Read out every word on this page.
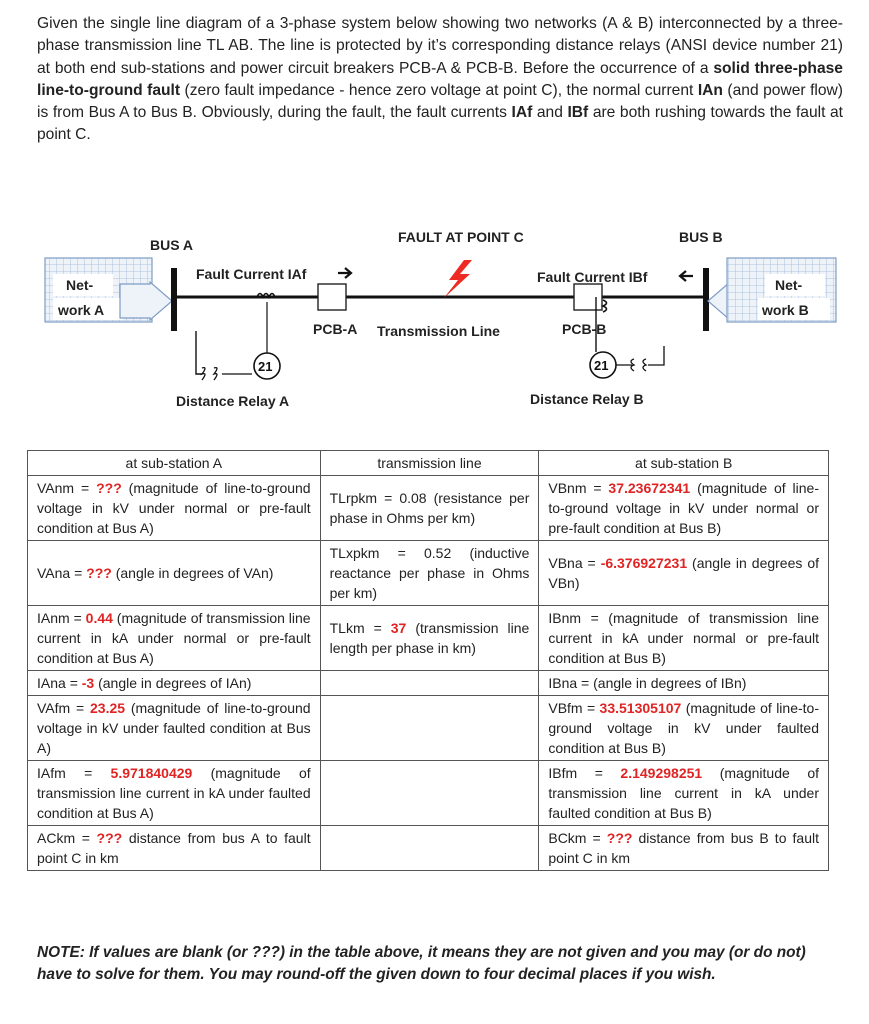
Given the single line diagram of a 3-phase system below showing two networks (A & B) interconnected by a three-phase transmission line TL AB. The line is protected by it’s corresponding distance relays (ANSI device number 21) at both end sub-stations and power circuit breakers PCB-A & PCB-B. Before the occurrence of a solid three-phase line-to-ground fault (zero fault impedance - hence zero voltage at point C), the normal current IAn (and power flow) is from Bus A to Bus B. Obviously, during the fault, the fault currents IAf and IBf are both rushing towards the fault at point C.
Net-
work A
BUS A	BUS B
Net-
work B
PCB-A	PCB-B
Transmission Line
FAULT AT POINT C
Fault Current IAf	Fault Current IBf
21
Distance Relay A
21
Distance Relay B
at sub-station A	transmission line	at sub-station B
VAnm = ??? (magnitude of line-to-ground voltage in kV under normal or pre-fault condition at Bus A)	TLrpkm = 0.08 (resistance per phase in Ohms per km)	VBnm = 37.23672341 (magnitude of line-to-ground voltage in kV under normal or pre-fault condition at Bus B)
VAna = ??? (angle in degrees of VAn)	TLxpkm = 0.52 (inductive reactance per phase in Ohms per km)	VBna = -6.376927231 (angle in degrees of VBn)
IAnm = 0.44 (magnitude of transmission line current in kA under normal or pre-fault condition at Bus A)	TLkm = 37 (transmission line length per phase in km)	IBnm = (magnitude of transmission line current in kA under normal or pre-fault condition at Bus B)
IAna = -3 (angle in degrees of IAn)		IBna = (angle in degrees of IBn)
VAfm = 23.25 (magnitude of line-to-ground voltage in kV under faulted condition at Bus A)		VBfm = 33.51305107 (magnitude of line-to-ground voltage in kV under faulted condition at Bus B)
IAfm = 5.971840429 (magnitude of transmission line current in kA under faulted condition at Bus A)		IBfm = 2.149298251 (magnitude of transmission line current in kA under faulted condition at Bus B)
ACkm = ??? distance from bus A to fault point C in km		BCkm = ??? distance from bus B to fault point C in km
NOTE: If values are blank (or ???) in the table above, it means they are not given and you may (or do not) have to solve for them. You may round-off the given down to four decimal places if you wish.
